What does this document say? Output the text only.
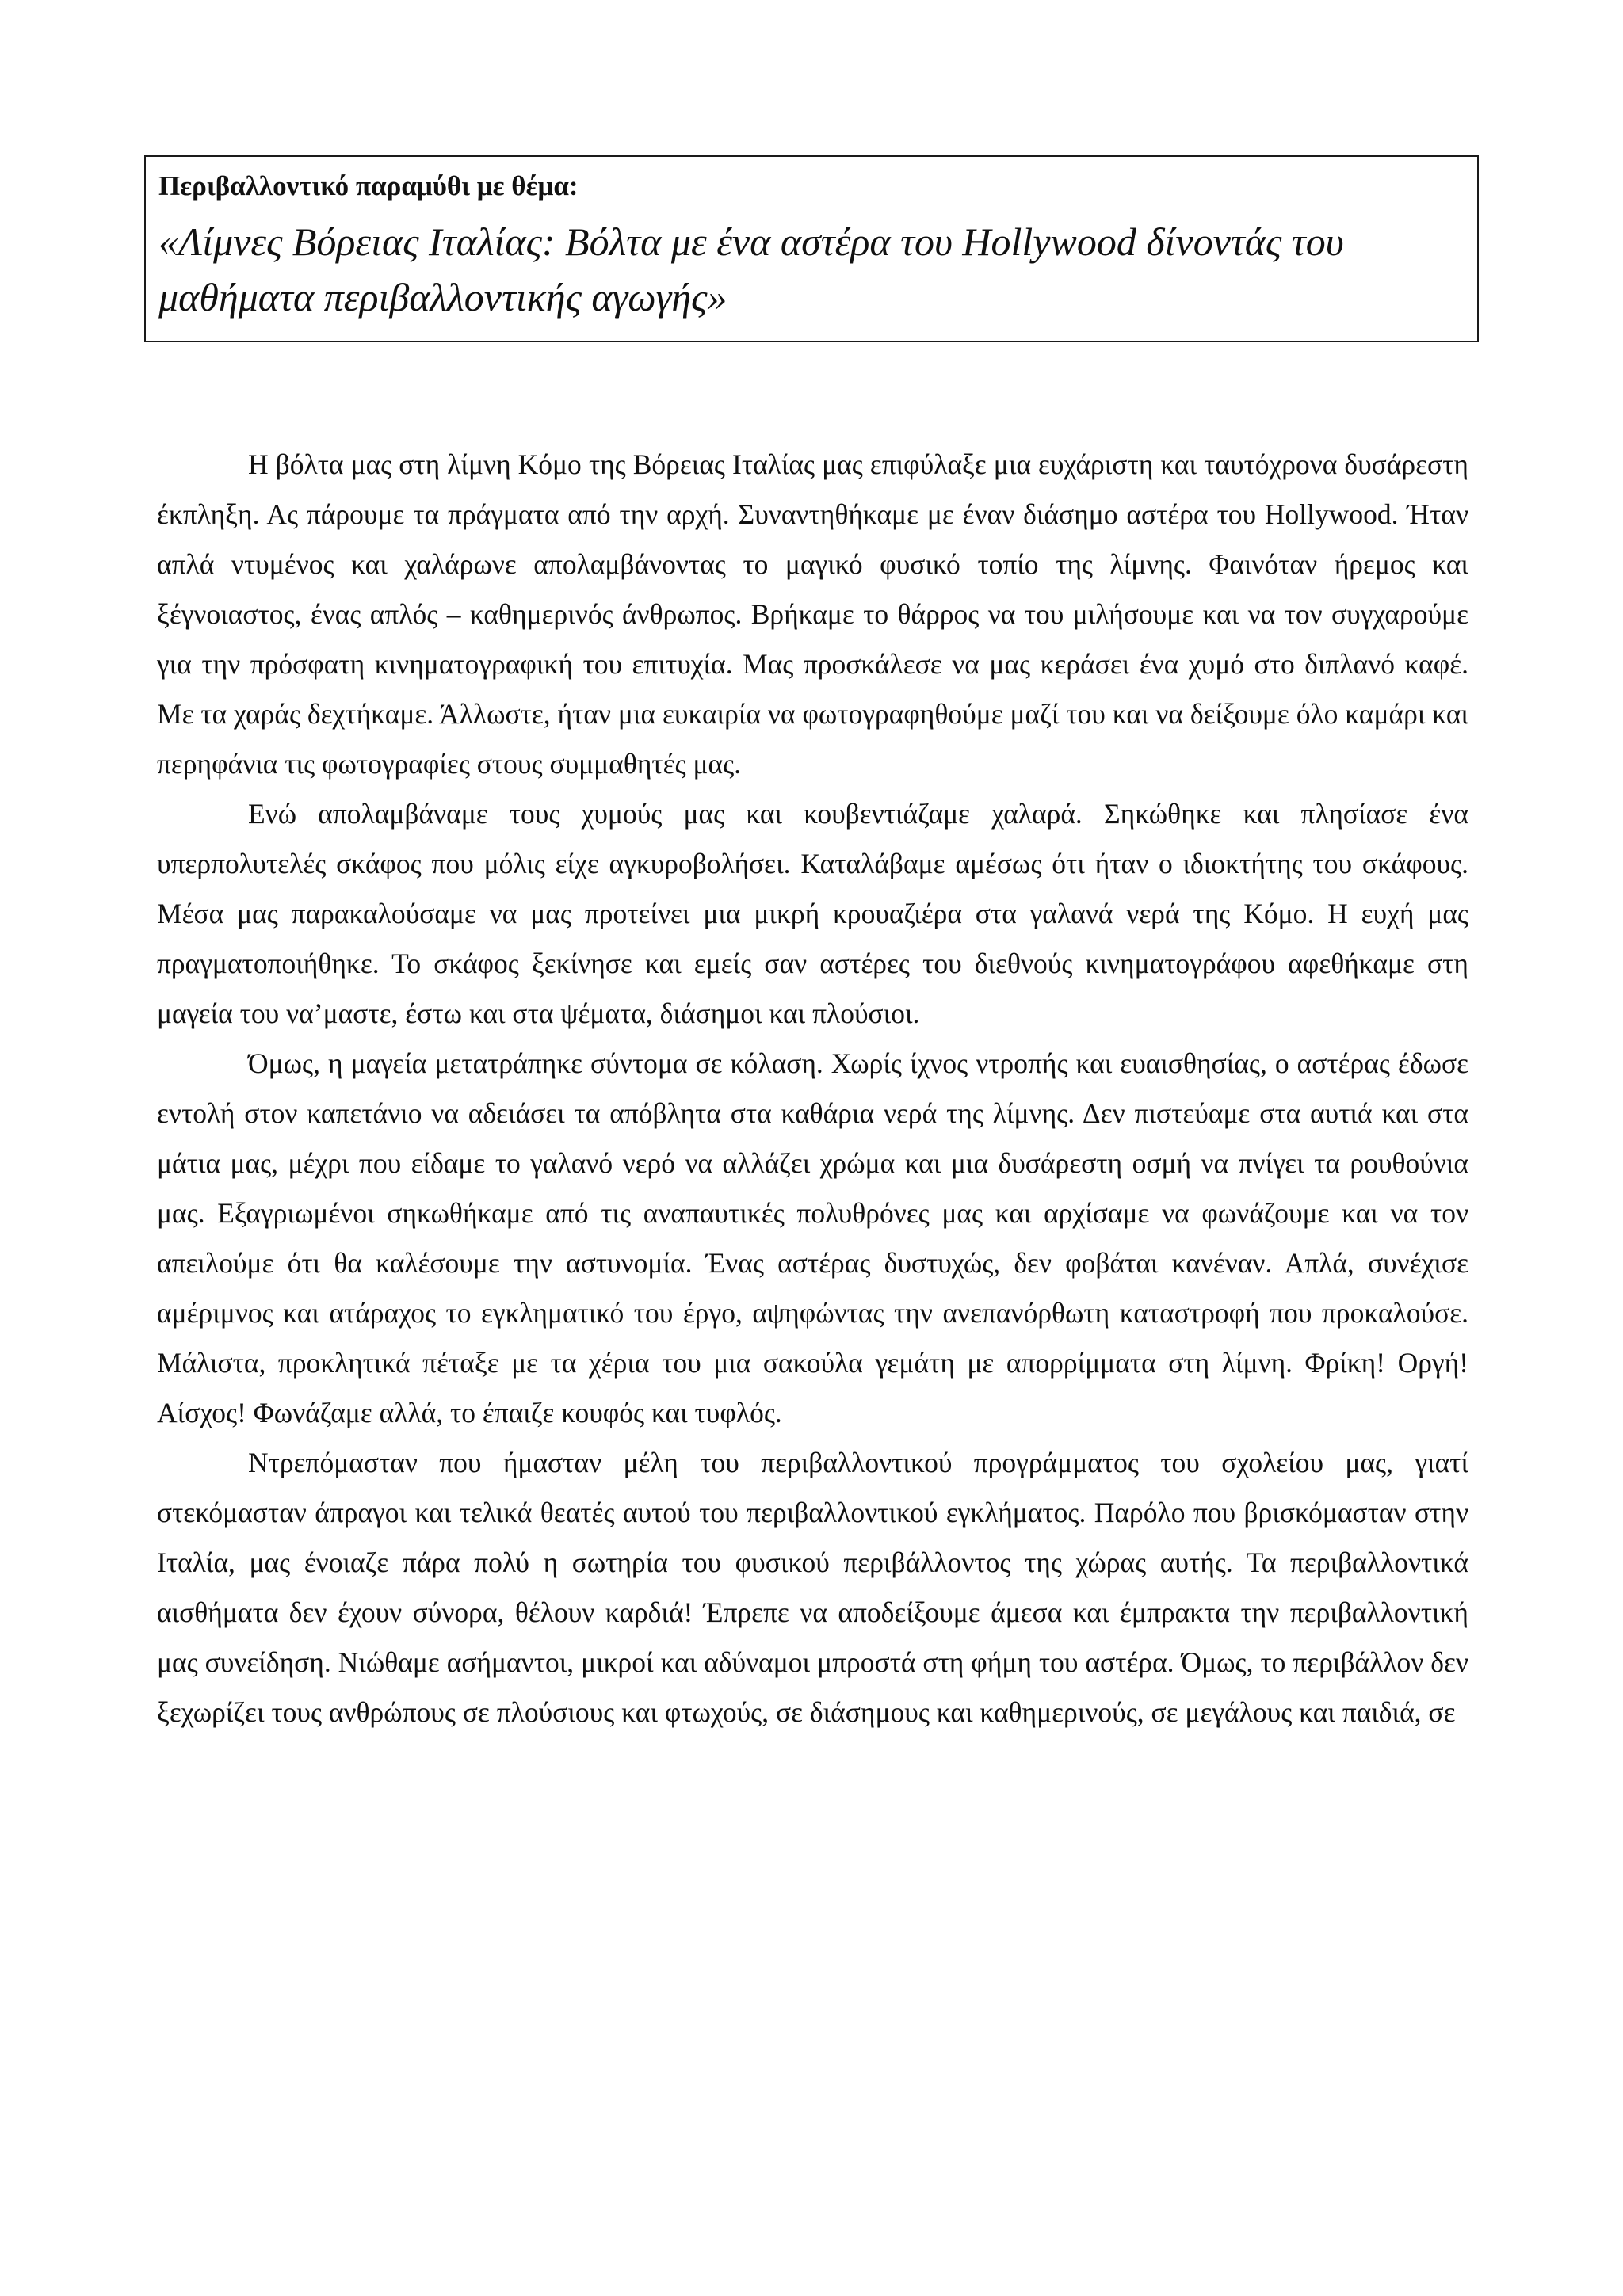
Περιβαλλοντικό παραμύθι με θέμα:
«Λίμνες Βόρειας Ιταλίας: Βόλτα με ένα αστέρα του Hollywood δίνοντάς του
μαθήματα περιβαλλοντικής αγωγής»

Η βόλτα μας στη λίμνη Κόμο της Βόρειας Ιταλίας μας επιφύλαξε μια ευχάριστη και ταυτόχρονα δυσάρεστη έκπληξη. Ας πάρουμε τα πράγματα από την αρχή. Συναντηθήκαμε με έναν διάσημο αστέρα του Hollywood. Ήταν απλά ντυμένος και χαλάρωνε απολαμβάνοντας το μαγικό φυσικό τοπίο της λίμνης. Φαινόταν ήρεμος και ξέγνοιαστος, ένας απλός – καθημερινός άνθρωπος. Βρήκαμε το θάρρος να του μιλήσουμε και να τον συγχαρούμε για την πρόσφατη κινηματογραφική του επιτυχία. Μας προσκάλεσε να μας κεράσει ένα χυμό στο διπλανό καφέ. Με τα χαράς δεχτήκαμε. Άλλωστε, ήταν μια ευκαιρία να φωτογραφηθούμε μαζί του και να δείξουμε όλο καμάρι και περηφάνια τις φωτογραφίες στους συμμαθητές μας.

Ενώ απολαμβάναμε τους χυμούς μας και κουβεντιάζαμε χαλαρά. Σηκώθηκε και πλησίασε ένα υπερπολυτελές σκάφος που μόλις είχε αγκυροβολήσει. Καταλάβαμε αμέσως ότι ήταν ο ιδιοκτήτης του σκάφους. Μέσα μας παρακαλούσαμε να μας προτείνει μια μικρή κρουαζιέρα στα γαλανά νερά της Κόμο. Η ευχή μας πραγματοποιήθηκε. Το σκάφος ξεκίνησε και εμείς σαν αστέρες του διεθνούς κινηματογράφου αφεθήκαμε στη μαγεία του να’μαστε, έστω και στα ψέματα, διάσημοι και πλούσιοι.

Όμως, η μαγεία μετατράπηκε σύντομα σε κόλαση. Χωρίς ίχνος ντροπής και ευαισθησίας, ο αστέρας έδωσε εντολή στον καπετάνιο να αδειάσει τα απόβλητα στα καθάρια νερά της λίμνης. Δεν πιστεύαμε στα αυτιά και στα μάτια μας, μέχρι που είδαμε το γαλανό νερό να αλλάζει χρώμα και μια δυσάρεστη οσμή να πνίγει τα ρουθούνια μας. Εξαγριωμένοι σηκωθήκαμε από τις αναπαυτικές πολυθρόνες μας και αρχίσαμε να φωνάζουμε και να τον απειλούμε ότι θα καλέσουμε την αστυνομία. Ένας αστέρας δυστυχώς, δεν φοβάται κανέναν. Απλά, συνέχισε αμέριμνος και ατάραχος το εγκληματικό του έργο, αψηφώντας την ανεπανόρθωτη καταστροφή που προκαλούσε. Μάλιστα, προκλητικά πέταξε με τα χέρια του μια σακούλα γεμάτη με απορρίμματα στη λίμνη. Φρίκη! Οργή! Αίσχος! Φωνάζαμε αλλά, το έπαιζε κουφός και τυφλός.

Ντρεπόμασταν που ήμασταν μέλη του περιβαλλοντικού προγράμματος του σχολείου μας, γιατί στεκόμασταν άπραγοι και τελικά θεατές αυτού του περιβαλλοντικού εγκλήματος. Παρόλο που βρισκόμασταν στην Ιταλία, μας ένοιαζε πάρα πολύ η σωτηρία του φυσικού περιβάλλοντος της χώρας αυτής. Τα περιβαλλοντικά αισθήματα δεν έχουν σύνορα, θέλουν καρδιά! Έπρεπε να αποδείξουμε άμεσα και έμπρακτα την περιβαλλοντική μας συνείδηση. Νιώθαμε ασήμαντοι, μικροί και αδύναμοι μπροστά στη φήμη του αστέρα. Όμως, το περιβάλλον δεν ξεχωρίζει τους ανθρώπους σε πλούσιους και φτωχούς, σε διάσημους και καθημερινούς, σε μεγάλους και παιδιά, σε
